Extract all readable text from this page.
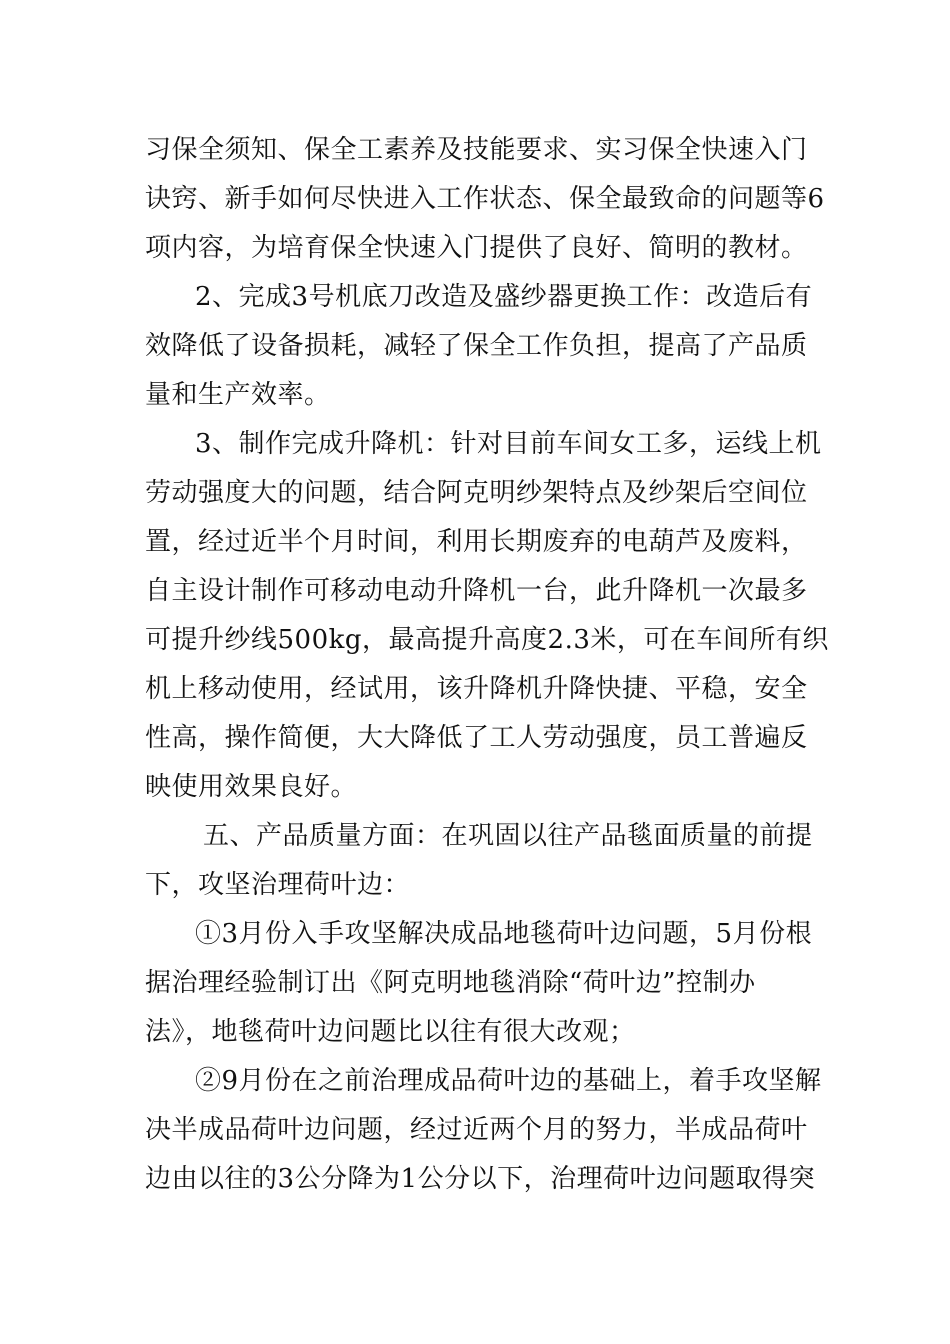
习保全须知、保全工素养及技能要求、实习保全快速入门
诀窍、新手如何尽快进入工作状态、保全最致命的问题等6
项内容，为培育保全快速入门提供了良好、简明的教材。
2、完成3号机底刀改造及盛纱器更换工作：改造后有
效降低了设备损耗，减轻了保全工作负担，提高了产品质
量和生产效率。
3、制作完成升降机：针对目前车间女工多，运线上机
劳动强度大的问题，结合阿克明纱架特点及纱架后空间位
置，经过近半个月时间，利用长期废弃的电葫芦及废料，
自主设计制作可移动电动升降机一台，此升降机一次最多
可提升纱线500kg，最高提升高度2.3米，可在车间所有织
机上移动使用，经试用，该升降机升降快捷、平稳，安全
性高，操作简便，大大降低了工人劳动强度，员工普遍反
映使用效果良好。
五、产品质量方面：在巩固以往产品毯面质量的前提
下，攻坚治理荷叶边：
①3月份入手攻坚解决成品地毯荷叶边问题，5月份根
据治理经验制订出《阿克明地毯消除“荷叶边”控制办
法》，地毯荷叶边问题比以往有很大改观；
②9月份在之前治理成品荷叶边的基础上，着手攻坚解
决半成品荷叶边问题，经过近两个月的努力，半成品荷叶
边由以往的3公分降为1公分以下，治理荷叶边问题取得突
